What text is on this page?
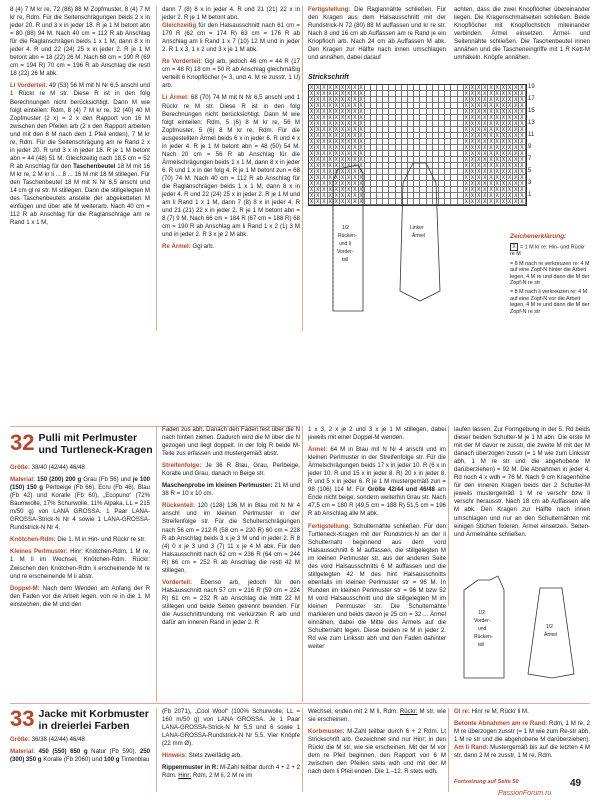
8 (4) 7 M kr re, 72 (88) 88 M Zopfmuster, 8 (4) 7 M kr re, Rdm. Für die Seitenschrägungen beids 2 x in jeder 20. R und 3 x in jeder 18. R je 1 M betont abn = 80 (88) 94 M. Nach 40 cm = 112 R ab Anschlag für die Raglanschrägen beids 1 x 1 M, dann 8 x in jeder 4. R und 22 (24) 25 x in jeder 2. R je 1 M betont abn = 18 (22) 26 M. Nach 68 cm = 190 R (69 cm = 194 R) 70 cm = 196 R ab Anschlag die restl 18 (22) 26 M abk.

Li Vorderteil: 49 (53) 56 M mit N Nr 6,5 anschl und 1 Rückr re M str. Diese R ist in den folg Berechnungen nicht berücksichtigt. Dann M wie folgt einteilen: Rdm, 8 (4) 7 M kr re, 32 (40) 40 M Zopfmuster (2 x) = 2 x den Rapport von 16 M zwischen den Pfeilen arb (2 x den Rapport arbeiten und mit den 8 M nach dem 1 Pfeil enden), 7 M kr re, Rdm. Für die Seitenschrägung am re Rand 2 x in jeder 20. R und 3 x in jeder 18. R je 1 M betont abn = 44 (48) 51 M. Gleichzeitig nach 18,5 cm = 52 R ab Anschlag für den Taschenbeutel 18 M mit 16 M kr re, 2 M kr li ... 8 ... 16 M mit 18 M stillegen. Für den Taschenbeutel 18 M mit N Nr 6,5 anschl und 14 cm gl re str. M stillegen. Dann die stillgelegten M des Taschenbeutels anstelle der abgeketteten M einfügen und über alle M weiterarb. Nach 40 cm = 112 R ab Anschlag für die Raglanschräge am re Rand 1 x 1 M,

dann 7 (8) 8 x in jeder 4. R und 21 (21) 22 x in jeder 2. R je 1 M betont abn.

Gleichzeitig für den Halsausschnitt nach 61 cm = 170 R (62 cm = 174 R) 63 cm = 176 R ab Anschlag am li Rand 1 x 7 (10) 12 M und in jeder 2. R 1 x 3, 1 x 2 und 3 x je 1 M abk.

Re Vorderteil: Ggl arb, jedoch 46 cm = 44 R (17 cm = 48 R) 18 cm = 50 R ab Anschlag gleichmäßig verteilt 6 Knopflöcher (= 3, und 4. M re zusstr, 1 U) arb.

Li Ärmel: 68 (70) 74 M mit N Nr 6,5 anschl und 1 Rückr re M str. Diese R ist in den folg Berechnungen nicht berücksichtigt. Dann M wie folgt einteilen: Rdm, 5 (6) 8 M kr re, 56 M Zopfmuster, 5 (6) 8 M kr re, Rdm. Für die ausgestellten Ärmel beids 6 x in jeder 6. R und 4 x in jeder 4. R je 1 M betont abn = 48 (50) 54 M. Nach 20 cm = 56 R ab Anschlag für die Ärmelschrägungen beids 1 x 1 M, dann 8 x in jeder 6. R und 1 x in der folg 4. R je 1 M betont zun = 68 (70) 74 M. Nach 40 cm = 112 R ab Anschlag für die Raglanschrägen beids 1 x 1 M, dann 8 x in jeder 4. R und 22 (24) 25 x in jeder 2. R je 1 M und am li Rand 1 x 1 M, dann 7 (8) 8 x in jeder 4. R und 21 (21) 22 x in jeder 2. R je 1 M betont abn = 8 (7) 9 M. Nach 66 cm = 184 R (67 cm = 188 R) 68 cm = 190 R ab Anschlag am li Rand 1 x 2 (1) 3 M und in jeder 2. R 3 x je 2 M abk.

Re Ärmel: Ggl arb.

Fertigstellung: Die Raglannähte schließen. Für den Kragen aus dem Halsausschnitt mit der Rundstrick-N 72 (80) 88 M auffassen und kr re str. Nach 8 und 16 cm ab Auffassen am re Rand je ein Knopfloch arb. Nach 24 cm ab Auffassen M abk. Den Kragen zur Hälfte nach innen umschlagen und annähen, dabei darauf

achten, dass die zwei Knopflöcher übereinander liegen. Die Kragenschmalseiten schließen. Beide Knopflöcher mit Knopflochstich miteinander verbinden. Ärmel einsetzen. Ärmel- und Seitennähte schließen. Die Taschenbeutel innen annähen und die Tascheneingriffe mit 1 R Kett-M umhäkeln. Knöpfe annähen.

Strickschrift
X X X X X X X X X	X X X X X X X X X X
X X X X X X X X X	X X X X X X X X X X
X X X X X X X X X	X X X X X X X X X X
X X X X X X X X X	X X X X X X X X X X
X X X X X X X X X	X X X X X X X X X X
X X X X X X X X X	X X X X X X X X X X
X X X X X X X X X	X X X X X X X X X X
X X X X X X X X X	X X X X X X X X X X
X X X X X X X X X	X X X X X X X X X X
X X X X X X X X X	X X X X X X X X X X
X X X X X X X X X	X X X X X X X X X X
X X X X X X X X X	X X X X X X X X X X
X X X X X X X X X	X X X X X X X X X X
X X X X X X X X X	X X X X X X X X X X
X X X X X X X X X	X X X X X X X X X X
X X X X X X X X X	X X X X X X X X X X
X X X X X X X X X	X X X X X X X X X X
X X X X X X X X X	X X X X X X X X X X
X X X X X X X X X	X X X X X X X X X X
X X X X X X X X X	X X X X X X X X X X
19
17
15
13
11
9
7
5
3
1
1/2
Rücken-
und li
Vorder-
teil
Linker
Ärmel	Zeichenerklärung:
X = 1 M kr re: Hin- und Rückr re M
= 8 M nach re verkreuzen re: 4 M auf eine Zopf-N hinter die Arbeit legen, 4 M re und dann die M der Zopf-N re str
= 8 M nach li verkreuzen re: 4 M auf eine Zopf-N vor die Arbeit legen, 4 M re und dann die M der Zopf-N re str
32 Pulli mit Perlmuster
und Turtleneck-Kragen

Größe: 38/40 (42/44) 46/48

Material: 150 (200) 200 g Grau (Fb 56) und je 100 (150) 150 g Perlbeige (Fb 66), Ecru (Fb 46), Blau (Fb 42) und Koralle (Fb 60), „Ecopuno“ (72% Baumwolle, 17% Schurwolle, 11% Alpaka, LL = 215 m/50 g) von LANA GROSSA. 1 Paar LANA-GROSSA-Strick-N Nr 4 sowie 1 LANA-GROSSA-Rundstrick-N Nr 4.

Knötchen-Rdm: Die 1. M in Hin- und Rückr re str.

Kleines Perlmuster: Hinr: Knötchen-Rdm, 1 M re, 1 M li im Wechsel, Knötchen-Rdm. Rückr: Zwischen den Knötchen-Rdm li erscheinende M re und re erscheinende M li abstr.

Doppel-M: Nach dem Wenden am Anfang der R den Faden vor die Arbeit legen, von re in die 1. M einstechen, die M und den

Faden zus abh. Danach den Faden fest über die N nach hinten ziehen. Dadurch wird die M über die N gezogen und liegt doppelt. In der folg R beide M-Teile zus erfassen und mustergemäß abstr.

Streifenfolge: Je 36 R Blau, Grau, Perlbeige, Koralle und Grau, danach in Beige str.

Maschenprobe im kleinen Perlmuster: 21 M und 38 R = 10 x 10 cm.

Rückenteil: 120 (128) 136 M in Blau mit N Nr 4 anschl und im kleinen Perlmuster in der Streifenfolge str. Für die Schulterschrägungen nach 56 cm = 212 R (58 cm = 220 R) 60 cm = 228 R ab Anschlag beids 3 x je 3 M und in jeder 2. R 8 (4) 0 x je 3 und 3 (7) 11 x je 4 M abk. Für den Halsausschnitt nach 62 cm = 236 R (64 cm = 244 R) 66 cm = 252 R ab Anschlag die restl 42 M stillegen.

Vorderteil: Ebenso arb, jedoch für den Halsausschnitt nach 57 cm = 216 R (59 cm = 224 R) 61 cm = 232 R ab Anschlag die mittl 22 M stillegen und beide Seiten getrennt beenden. Für die Ausschnittrundung mit verkürzten R arb und dafür am inneren Rand in jeder 2. R

1 x 3, 2 x je 2 und 3 x je 1 M stillegen, dabei jeweils mit einer Doppel-M wenden.

Ärmel: 64 M in Blau mit N Nr 4 anschl und im kleinen Perlmuster in der Streifenfolge str. Für die Ärmelschrägungen beids 17 x in jeder 10. R (6 x in jeder 10. R und 15 x in jeder 8. R) 20 x in jeder 8. R und 5 x in jeder 6. R je 1 M mustergemäß zun = 98 (106) 114 M. Für Größe 42/44 und 46/48 am Ende nicht beige, sondern weiterhin Grau str. Nach 47,5 cm = 180 R (49,5 cm = 188 R) 51,5 cm = 196 R ab Anschlag alle M abk.

Fertigstellung: Schulternähte schließen. Für den Turtleneck-Kragen mit der Rundstrick-N an der li Schulternaht beginnend aus dem vord Halsausschnitt 6 M auffassen, die stillgelegten M im kleinen Perlmuster str, aus der anderen Seite des vord Halsausschnitts 6 M auffassen und die stillgelegten 42 M des hint Halsausschnitts ebenfalls im kleinen Perlmuster str = 96 M. In Runden im kleinen Perlmuster str = 96 M bzw 52 M vord Halsausschnitt und die stillgelegten M im kleinen Perlmuster str. Die Schulternähte markieren und beids davon je 25 cm = 32 ... Ärmel einnähen, dabei die Mitte des Ärmels auf die Schulternaht legen. Diese beiden re M in jeder 2. Rd wie zum Linksstr abh und den Faden dahinter weiter

laufen lassen. Zur Formgebung in der 5. Rd beids dieser beiden Schulter-M je 1 M abn: Die erste M mit der M davor re zusstr, die zweite M mit der M danach überzogen zusstr (= 1 M wie zum Linksstr abh, 1 M re str und die abgehobene M darüberziehen) = 92 M. Die Abnahmen in jeder 4. Rd noch 4 x wdh = 76 M. Nach 9 cm Kragenhöhe für den inneren Kragen beids der 2 Schulter-M jeweils mustergemäß 1 M re verschr bzw li verschr herausstr. Nach 18 cm ab Auffassen alle M abk. Den Kragen zur Hälfte nach innen umschlagen und nur an den Schulternähten mit einigen Stichen fixieren. Ärmel einsetzen. Seiten- und Ärmelnähte schließen.

1/2
Vorder-
und
Rücken-
teil
1/2
Ärmel
33 Jacke mit Korbmuster
in dreierlei Farben

Größe: 36/38 (42/44) 46/48

Material: 450 (550) 650 g Natur (Fb 590), 250 (300) 350 g Koralle (Fb 2060) und 100 g Tintenblau

(Fb 2071), „Cool Wool“ (100% Schurwolle, LL = 160 m/50 g) von LANA GROSSA. Je 1 Paar LANA-GROSSA-Strick-N Nr 5,5 und 6 sowie 1 LANA-GROSSA-Rundstrick-N Nr 5,5. Vier Knöpfe (22 mm Ø).

Hinweis: Stets zweifädig arb.

Rippenmuster in R: M-Zahl teilbar durch 4 + 2 + 2 Rdm. Hinr: Rdm, 2 M li, 2 M re im

Wechsel, enden mit 2 M li, Rdm. Rückr: M str, wie sie erscheinen.

Korbmuster: M-Zahl teilbar durch 6 + 2 Rdm. Lt Strickschrift arb. Gezeichnet sind nur Hinr; in den Rückr die M str, wie sie erscheinen. Mit der M vor dem re Pfeil beginnen, den Rapport von 6 M zwischen den Pfeilen stets wdh und mit der M nach dem li Pfeil enden. Die 1.–12. R stets wdh.

Gl re: Hinr re M, Rückr li M.

Betonte Abnahmen am re Rand: Rdm, 1 M re, 2 M re überzogen zusstr (= 1 M wie zum Re-str abh, 1 M re str und die abgehobene M darüberziehen). Am li Rand: Mustergemäß bis auf die letzten 4 M str, dann 2 M re zusstr, 1 M re, Rdm.

Fortsetzung auf Seite 50	49
PassionForum.ru
